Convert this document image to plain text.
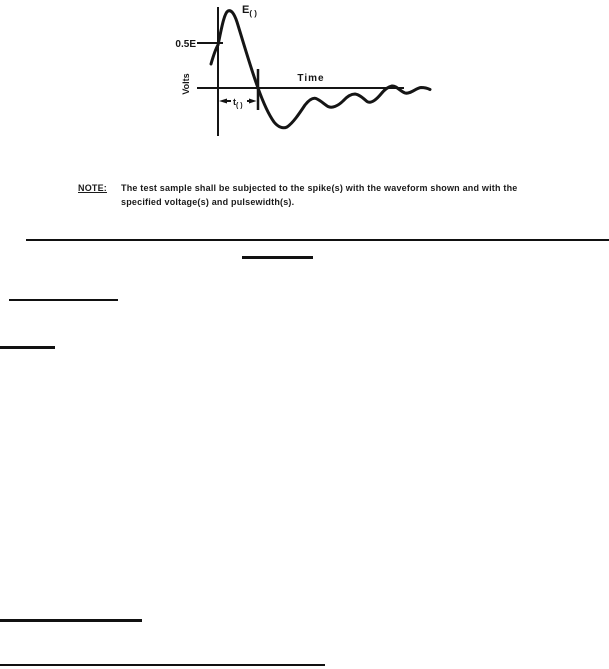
$E_{( )}$
0.5E
Volts	Time
$t_{( )}$
NOTE: The test sample shall be subjected to the spike(s) with the waveform shown and with the specified voltage(s) and pulsewidth(s).
